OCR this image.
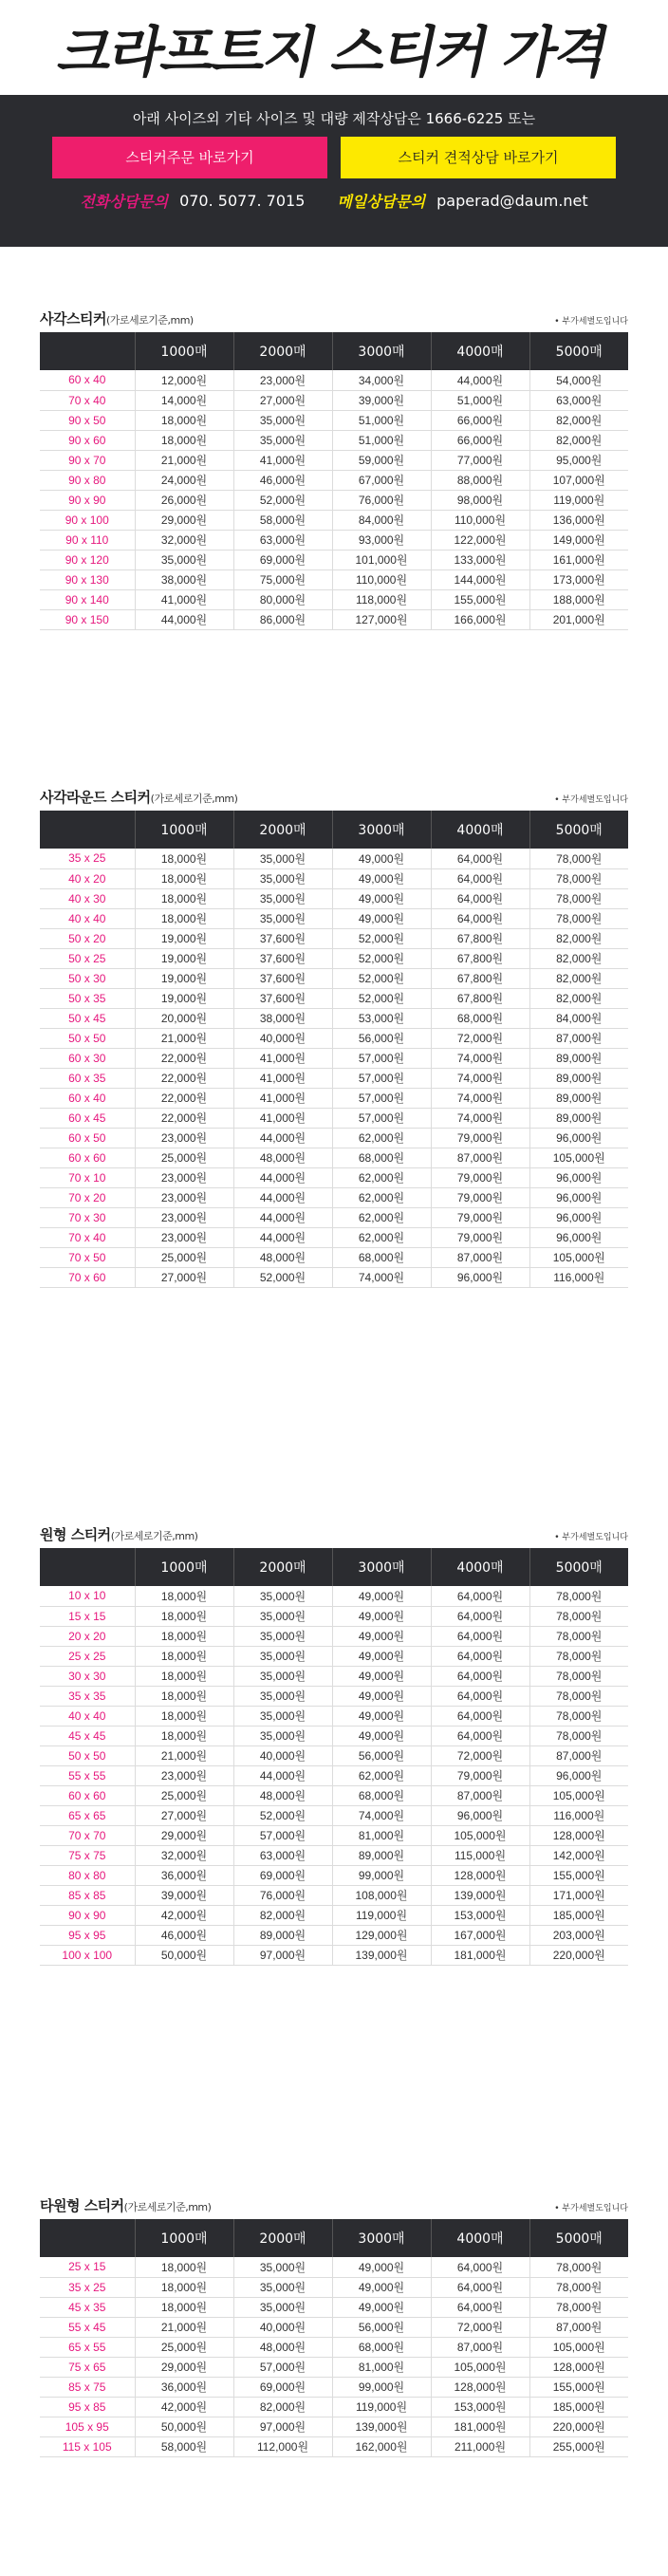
크라프트지 스티커 가격
아래 사이즈외 기타 사이즈 및 대량 제작상담은 1666-6225 또는
스티커주문 바로가기	스티커 견적상담 바로가기
전화상담문의 070. 5077. 7015 메일상담문의 paperad@daum.net
사각스티커(가로세로기준,mm)	• 부가세별도입니다
	1000매	2000매	3000매	4000매	5000매
60 x 40	12,000원	23,000원	34,000원	44,000원	54,000원
70 x 40	14,000원	27,000원	39,000원	51,000원	63,000원
90 x 50	18,000원	35,000원	51,000원	66,000원	82,000원
90 x 60	18,000원	35,000원	51,000원	66,000원	82,000원
90 x 70	21,000원	41,000원	59,000원	77,000원	95,000원
90 x 80	24,000원	46,000원	67,000원	88,000원	107,000원
90 x 90	26,000원	52,000원	76,000원	98,000원	119,000원
90 x 100	29,000원	58,000원	84,000원	110,000원	136,000원
90 x 110	32,000원	63,000원	93,000원	122,000원	149,000원
90 x 120	35,000원	69,000원	101,000원	133,000원	161,000원
90 x 130	38,000원	75,000원	110,000원	144,000원	173,000원
90 x 140	41,000원	80,000원	118,000원	155,000원	188,000원
90 x 150	44,000원	86,000원	127,000원	166,000원	201,000원
사각라운드 스티커(가로세로기준,mm)	• 부가세별도입니다
	1000매	2000매	3000매	4000매	5000매
35 x 25	18,000원	35,000원	49,000원	64,000원	78,000원
40 x 20	18,000원	35,000원	49,000원	64,000원	78,000원
40 x 30	18,000원	35,000원	49,000원	64,000원	78,000원
40 x 40	18,000원	35,000원	49,000원	64,000원	78,000원
50 x 20	19,000원	37,600원	52,000원	67,800원	82,000원
50 x 25	19,000원	37,600원	52,000원	67,800원	82,000원
50 x 30	19,000원	37,600원	52,000원	67,800원	82,000원
50 x 35	19,000원	37,600원	52,000원	67,800원	82,000원
50 x 45	20,000원	38,000원	53,000원	68,000원	84,000원
50 x 50	21,000원	40,000원	56,000원	72,000원	87,000원
60 x 30	22,000원	41,000원	57,000원	74,000원	89,000원
60 x 35	22,000원	41,000원	57,000원	74,000원	89,000원
60 x 40	22,000원	41,000원	57,000원	74,000원	89,000원
60 x 45	22,000원	41,000원	57,000원	74,000원	89,000원
60 x 50	23,000원	44,000원	62,000원	79,000원	96,000원
60 x 60	25,000원	48,000원	68,000원	87,000원	105,000원
70 x 10	23,000원	44,000원	62,000원	79,000원	96,000원
70 x 20	23,000원	44,000원	62,000원	79,000원	96,000원
70 x 30	23,000원	44,000원	62,000원	79,000원	96,000원
70 x 40	23,000원	44,000원	62,000원	79,000원	96,000원
70 x 50	25,000원	48,000원	68,000원	87,000원	105,000원
70 x 60	27,000원	52,000원	74,000원	96,000원	116,000원
원형 스티커(가로세로기준,mm)	• 부가세별도입니다
	1000매	2000매	3000매	4000매	5000매
10 x 10	18,000원	35,000원	49,000원	64,000원	78,000원
15 x 15	18,000원	35,000원	49,000원	64,000원	78,000원
20 x 20	18,000원	35,000원	49,000원	64,000원	78,000원
25 x 25	18,000원	35,000원	49,000원	64,000원	78,000원
30 x 30	18,000원	35,000원	49,000원	64,000원	78,000원
35 x 35	18,000원	35,000원	49,000원	64,000원	78,000원
40 x 40	18,000원	35,000원	49,000원	64,000원	78,000원
45 x 45	18,000원	35,000원	49,000원	64,000원	78,000원
50 x 50	21,000원	40,000원	56,000원	72,000원	87,000원
55 x 55	23,000원	44,000원	62,000원	79,000원	96,000원
60 x 60	25,000원	48,000원	68,000원	87,000원	105,000원
65 x 65	27,000원	52,000원	74,000원	96,000원	116,000원
70 x 70	29,000원	57,000원	81,000원	105,000원	128,000원
75 x 75	32,000원	63,000원	89,000원	115,000원	142,000원
80 x 80	36,000원	69,000원	99,000원	128,000원	155,000원
85 x 85	39,000원	76,000원	108,000원	139,000원	171,000원
90 x 90	42,000원	82,000원	119,000원	153,000원	185,000원
95 x 95	46,000원	89,000원	129,000원	167,000원	203,000원
100 x 100	50,000원	97,000원	139,000원	181,000원	220,000원
타원형 스티커(가로세로기준,mm)	• 부가세별도입니다
	1000매	2000매	3000매	4000매	5000매
25 x 15	18,000원	35,000원	49,000원	64,000원	78,000원
35 x 25	18,000원	35,000원	49,000원	64,000원	78,000원
45 x 35	18,000원	35,000원	49,000원	64,000원	78,000원
55 x 45	21,000원	40,000원	56,000원	72,000원	87,000원
65 x 55	25,000원	48,000원	68,000원	87,000원	105,000원
75 x 65	29,000원	57,000원	81,000원	105,000원	128,000원
85 x 75	36,000원	69,000원	99,000원	128,000원	155,000원
95 x 85	42,000원	82,000원	119,000원	153,000원	185,000원
105 x 95	50,000원	97,000원	139,000원	181,000원	220,000원
115 x 105	58,000원	112,000원	162,000원	211,000원	255,000원
